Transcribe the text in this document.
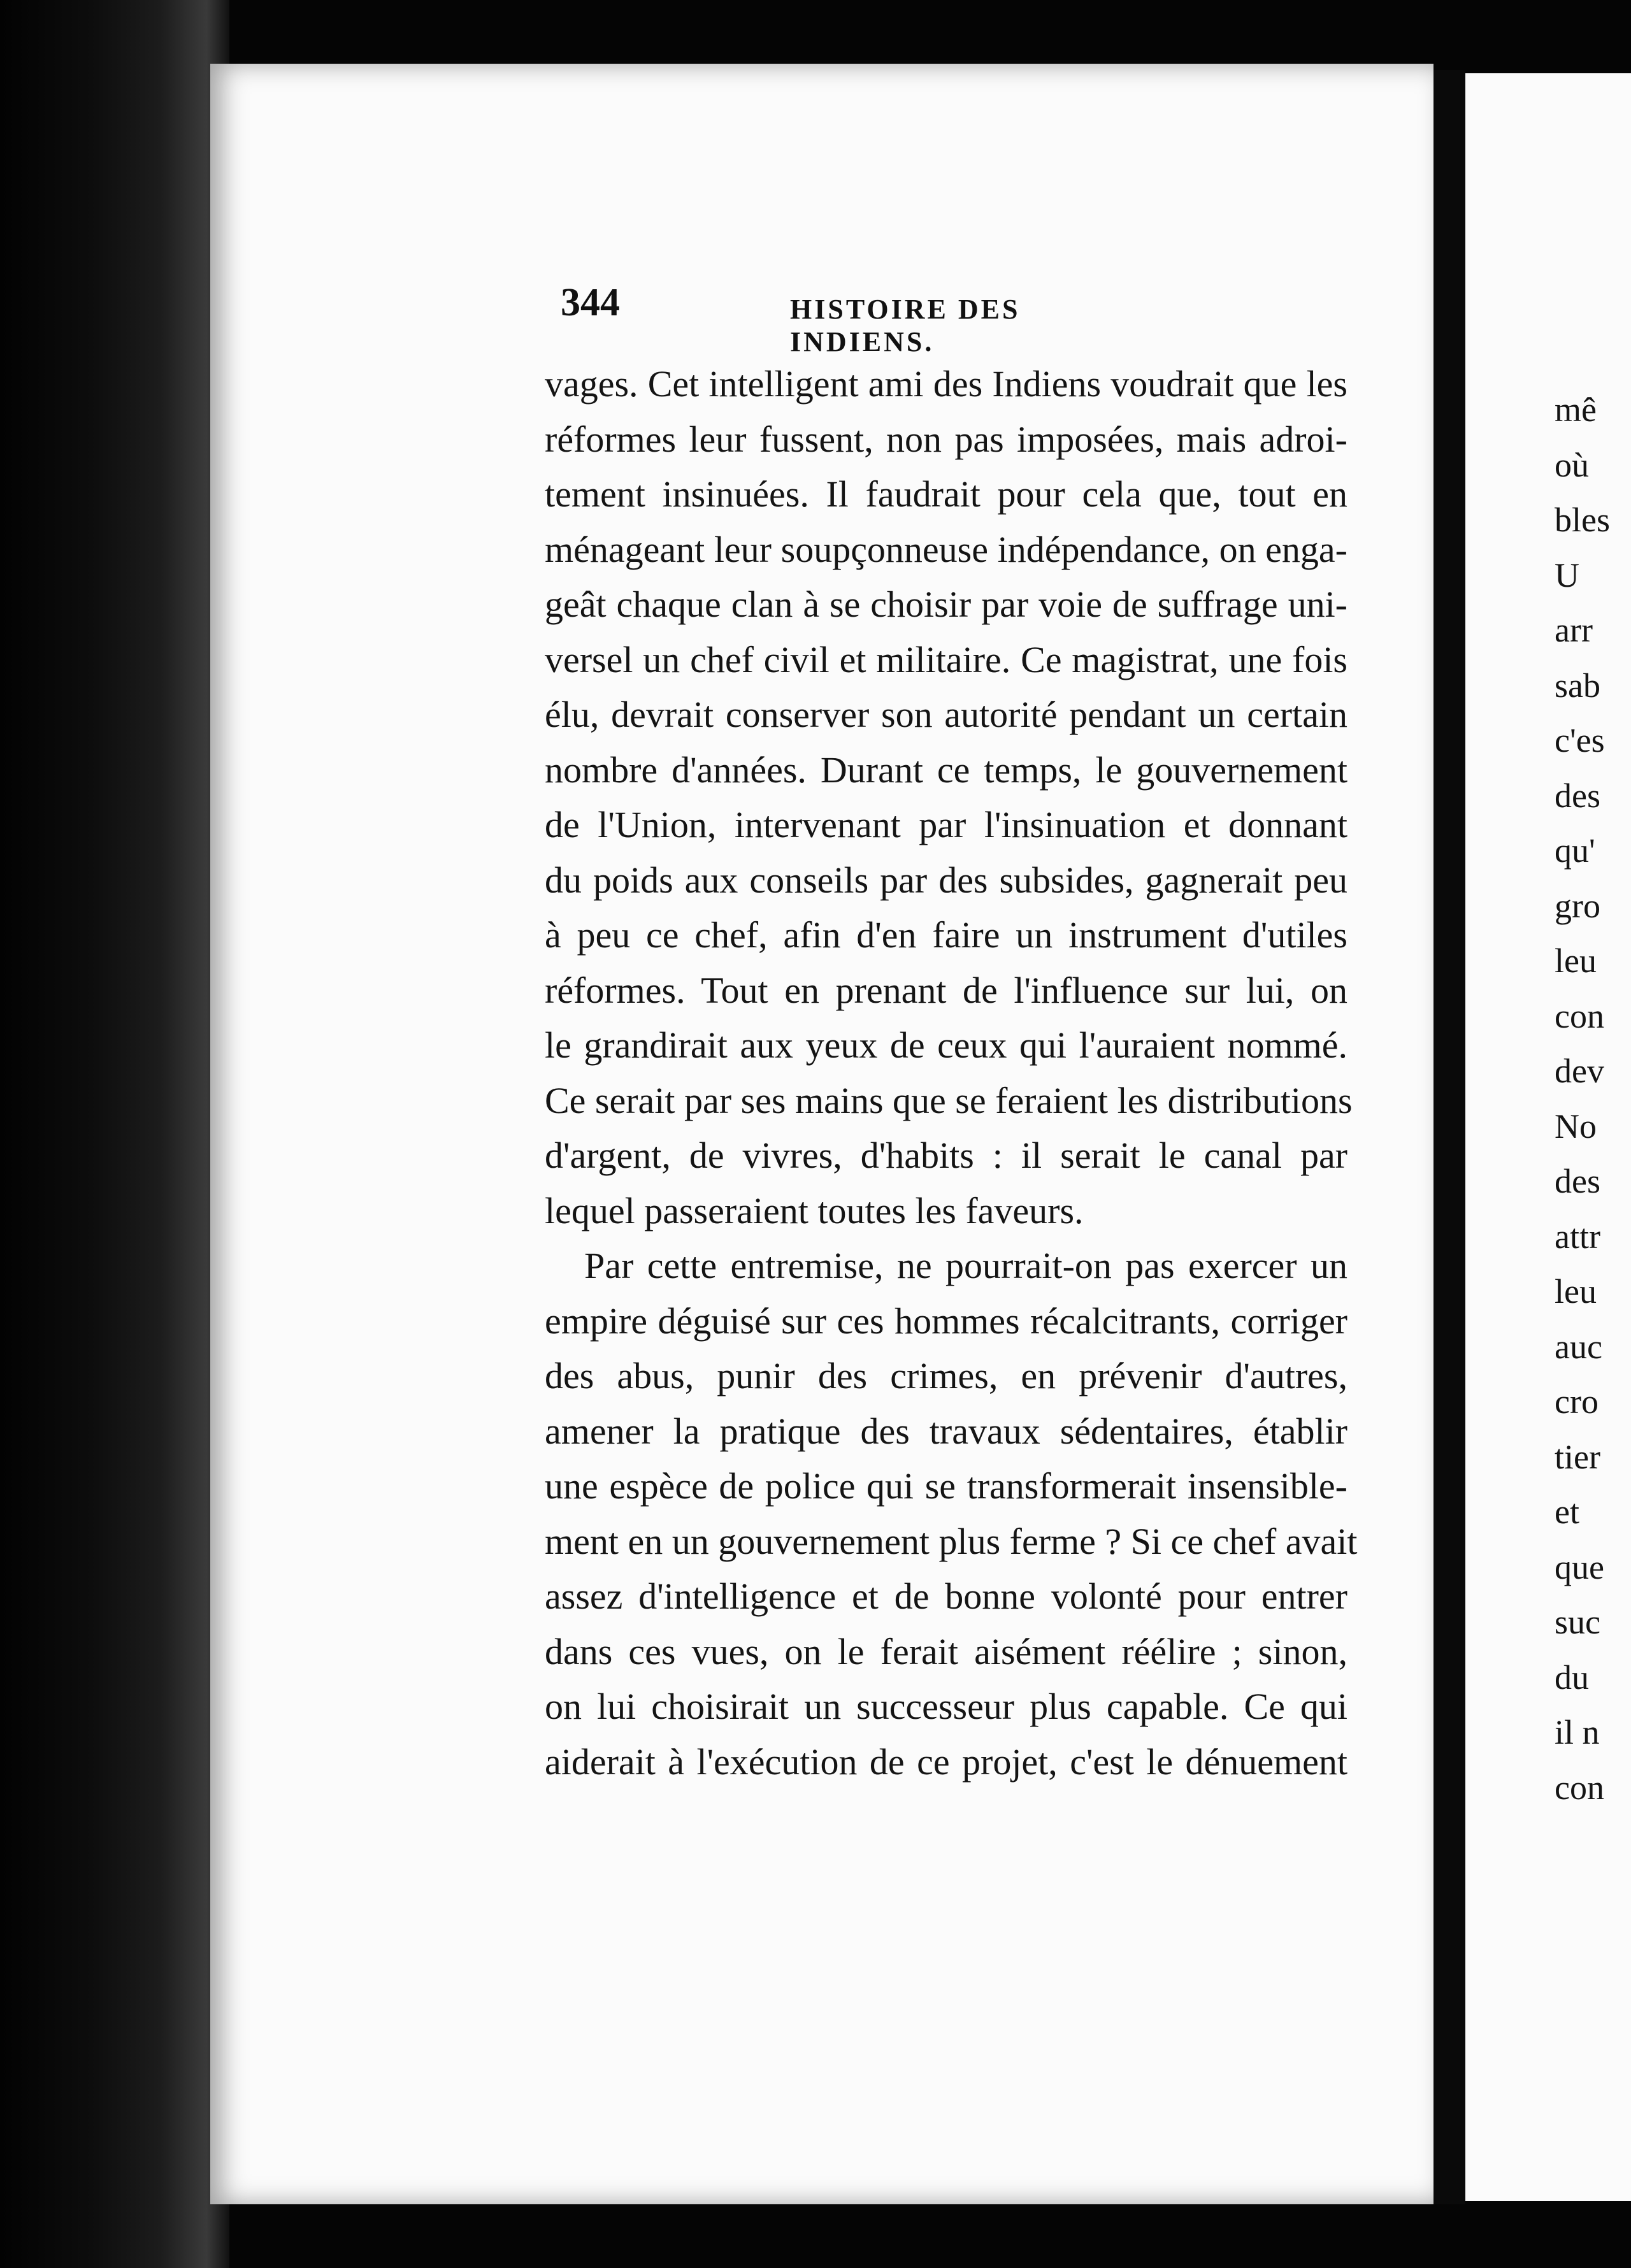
344	HISTOIRE DES INDIENS.
vages. Cet intelligent ami des Indiens voudrait que les
réformes leur fussent, non pas imposées, mais adroi-
tement insinuées. Il faudrait pour cela que, tout en
ménageant leur soupçonneuse indépendance, on enga-
geât chaque clan à se choisir par voie de suffrage uni-
versel un chef civil et militaire. Ce magistrat, une fois
élu, devrait conserver son autorité pendant un certain
nombre d'années. Durant ce temps, le gouvernement
de l'Union, intervenant par l'insinuation et donnant
du poids aux conseils par des subsides, gagnerait peu
à peu ce chef, afin d'en faire un instrument d'utiles
réformes. Tout en prenant de l'influence sur lui, on
le grandirait aux yeux de ceux qui l'auraient nommé.
Ce serait par ses mains que se feraient les distributions
d'argent, de vivres, d'habits : il serait le canal par
lequel passeraient toutes les faveurs.
Par cette entremise, ne pourrait-on pas exercer un
empire déguisé sur ces hommes récalcitrants, corriger
des abus, punir des crimes, en prévenir d'autres,
amener la pratique des travaux sédentaires, établir
une espèce de police qui se transformerait insensible-
ment en un gouvernement plus ferme ? Si ce chef avait
assez d'intelligence et de bonne volonté pour entrer
dans ces vues, on le ferait aisément réélire ; sinon,
on lui choisirait un successeur plus capable. Ce qui
aiderait à l'exécution de ce projet, c'est le dénuement
mê
où
bles
U
arr
sab
c'es
des
qu'
gro
leu
con
dev
No
des
attr
leu
auc
cro
tier
et
que
suc
du
il n
con
